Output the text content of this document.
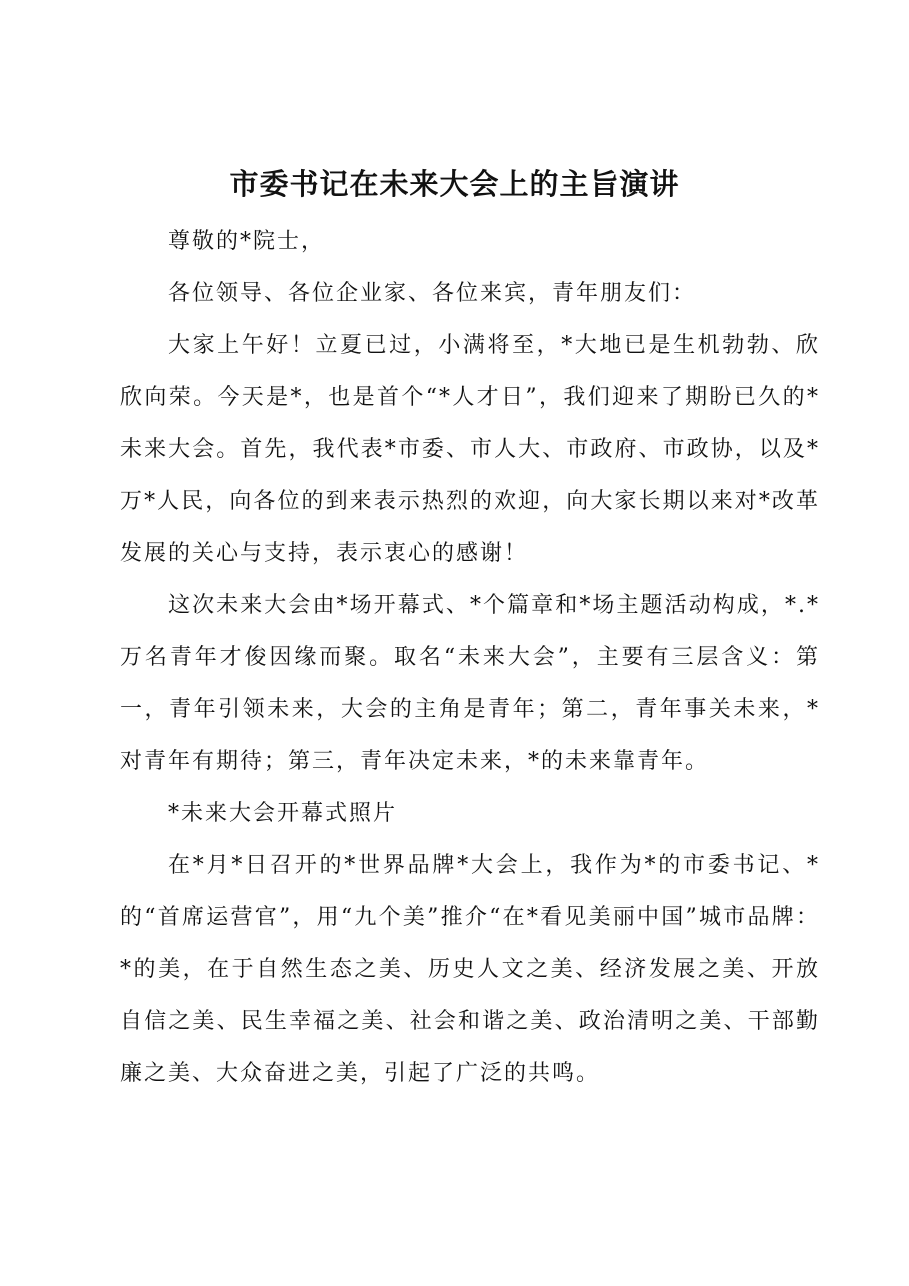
市委书记在未来大会上的主旨演讲

尊敬的*院士，

各位领导、各位企业家、各位来宾，青年朋友们：

大家上午好！立夏已过，小满将至，*大地已是生机勃勃、欣欣向荣。今天是*，也是首个“*人才日”，我们迎来了期盼已久的*未来大会。首先，我代表*市委、市人大、市政府、市政协，以及*万*人民，向各位的到来表示热烈的欢迎，向大家长期以来对*改革发展的关心与支持，表示衷心的感谢！

这次未来大会由*场开幕式、*个篇章和*场主题活动构成，*.*万名青年才俊因缘而聚。取名“未来大会”，主要有三层含义：第一，青年引领未来，大会的主角是青年；第二，青年事关未来，*对青年有期待；第三，青年决定未来，*的未来靠青年。

*未来大会开幕式照片

在*月*日召开的*世界品牌*大会上，我作为*的市委书记、*的“首席运营官”，用“九个美”推介“在*看见美丽中国”城市品牌：*的美，在于自然生态之美、历史人文之美、经济发展之美、开放自信之美、民生幸福之美、社会和谐之美、政治清明之美、干部勤廉之美、大众奋进之美，引起了广泛的共鸣。
